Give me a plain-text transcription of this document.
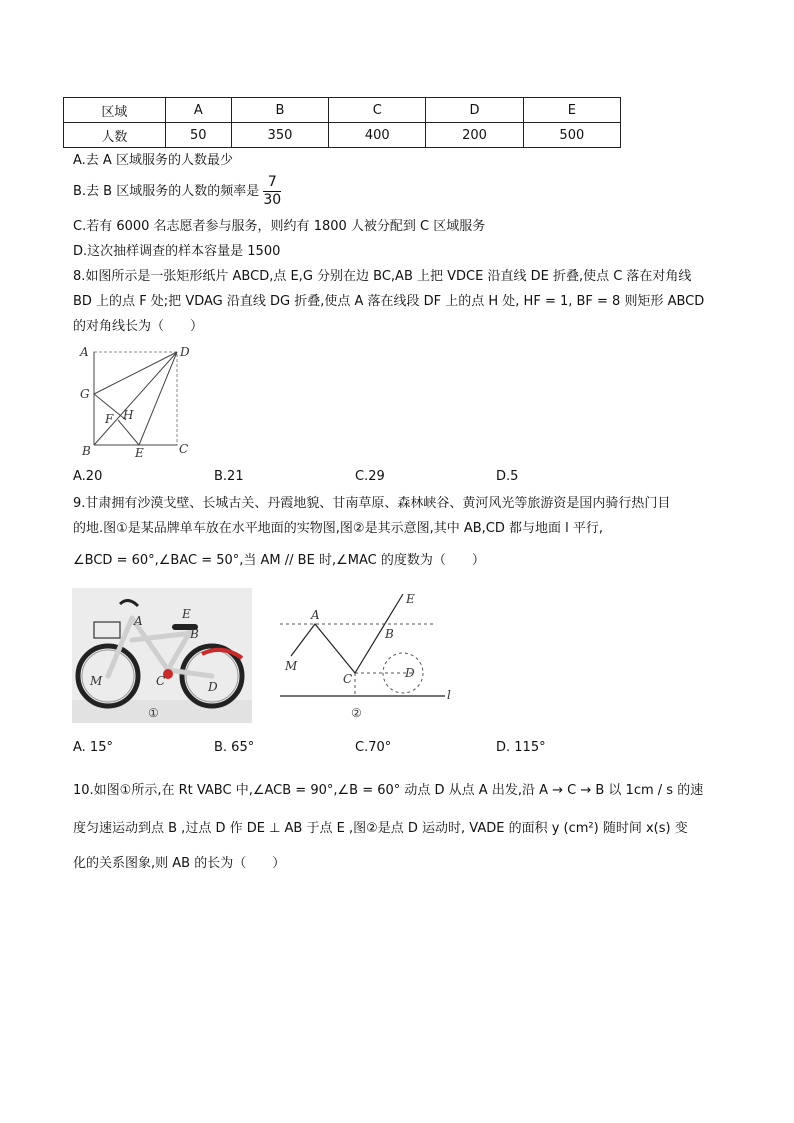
区域	A	B	C	D	E
人数	50	350	400	200	500
A.去 A 区域服务的人数最少
B.去 B 区域服务的人数的频率是 $\frac{7}{30}$
C.若有 6000 名志愿者参与服务，则约有 1800 人被分配到 C 区域服务
D.这次抽样调查的样本容量是 1500
8.如图所示是一张矩形纸片 ABCD,点 E,G 分别在边 BC,AB 上把 VDCE 沿直线 DE 折叠,使点 C 落在对角线
BD 上的点 F 处;把 VDAG 沿直线 DG 折叠,使点 A 落在线段 DF 上的点 H 处, HF = 1, BF = 8 则矩形 ABCD
的对角线长为（　　）
A	D
G
F H
B	E	C
A.20	B.21	C.29	D.5
9.甘肃拥有沙漠戈壁、长城古关、丹霞地貌、甘南草原、森林峡谷、黄河风光等旅游资是国内骑行热门目
的地.图①是某品牌单车放在水平地面的实物图,图②是其示意图,其中 AB,CD 都与地面 l 平行,
∠BCD = 60°,∠BAC = 50°,当 AM // BE 时,∠MAC 的度数为（　　）
A	E
B
M	C	D
①
A
E
B
M
C	D
l
②
A. 15°	B. 65°	C.70°	D. 115°
10.如图①所示,在 Rt VABC 中,∠ACB = 90°,∠B = 60° 动点 D 从点 A 出发,沿 A → C → B 以 1cm / s 的速
度匀速运动到点 B ,过点 D 作 DE ⊥ AB 于点 E ,图②是点 D 运动时, VADE 的面积 y (cm²) 随时间 x(s) 变
化的关系图象,则 AB 的长为（　　）
